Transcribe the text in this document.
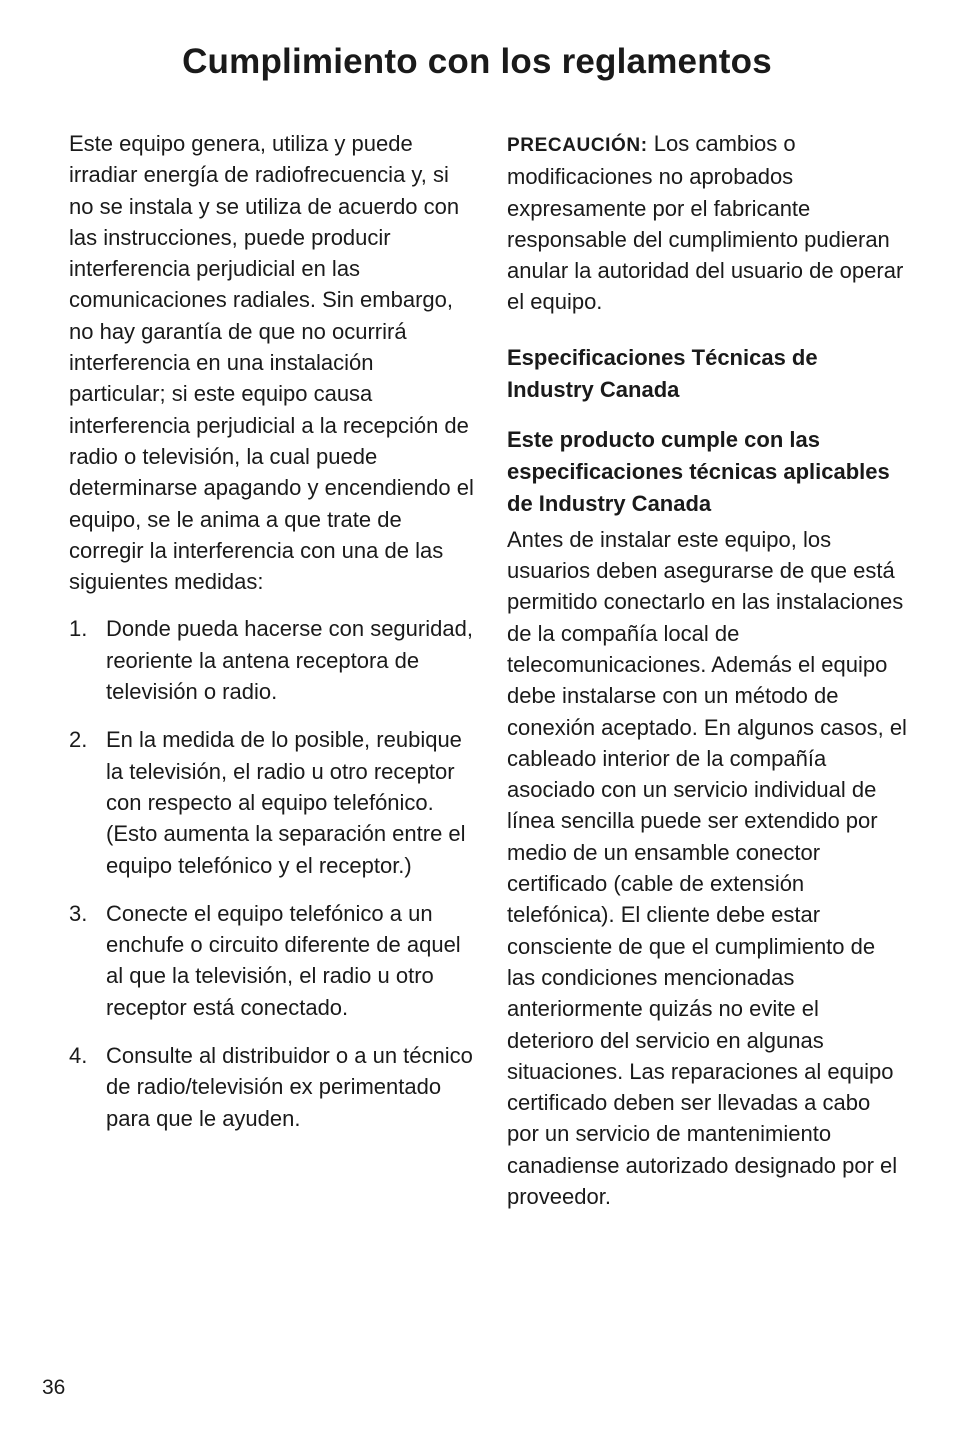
Cumplimiento con los reglamentos

Este equipo genera, utiliza y puede irradiar energía de radiofrecuencia y, si no se instala y se utiliza de acuerdo con las instrucciones, puede producir interferencia perjudicial en las comunicaciones radiales. Sin embargo, no hay garantía de que no ocurrirá interferencia en una instalación particular; si este equipo causa interferencia perjudicial a la recepción de radio o televisión, la cual puede determinarse apagando y encendiendo el equipo, se le anima a que trate de corregir la interferencia con una de las siguientes medidas:

1. Donde pueda hacerse con seguridad, reoriente la antena receptora de televisión o radio.
2. En la medida de lo posible, reubique la televisión, el radio u otro receptor con respecto al equipo telefónico. (Esto aumenta la separación entre el equipo telefónico y el receptor.)
3. Conecte el equipo telefónico a un enchufe o circuito diferente de aquel al que la televisión, el radio u otro receptor está conectado.
4. Consulte al distribuidor o a un técnico de radio/televisión ex perimentado para que le ayuden.

PRECAUCIÓN: Los cambios o modificaciones no aprobados expresamente por el fabricante responsable del cumplimiento pudieran anular la autoridad del usuario de operar el equipo.

Especificaciones Técnicas de Industry Canada

Este producto cumple con las especificaciones técnicas aplicables de Industry Canada

Antes de instalar este equipo, los usuarios deben asegurarse de que está permitido conectarlo en las instalaciones de la compañía local de telecomunicaciones. Además el equipo debe instalarse con un método de conexión aceptado. En algunos casos, el cableado interior de la compañía asociado con un servicio individual de línea sencilla puede ser extendido por medio de un ensamble conector certificado (cable de extensión telefónica). El cliente debe estar consciente de que el cumplimiento de las condiciones mencionadas anteriormente quizás no evite el deterioro del servicio en algunas situaciones. Las reparaciones al equipo certificado deben ser llevadas a cabo por un servicio de mantenimiento canadiense autorizado designado por el proveedor.

36
